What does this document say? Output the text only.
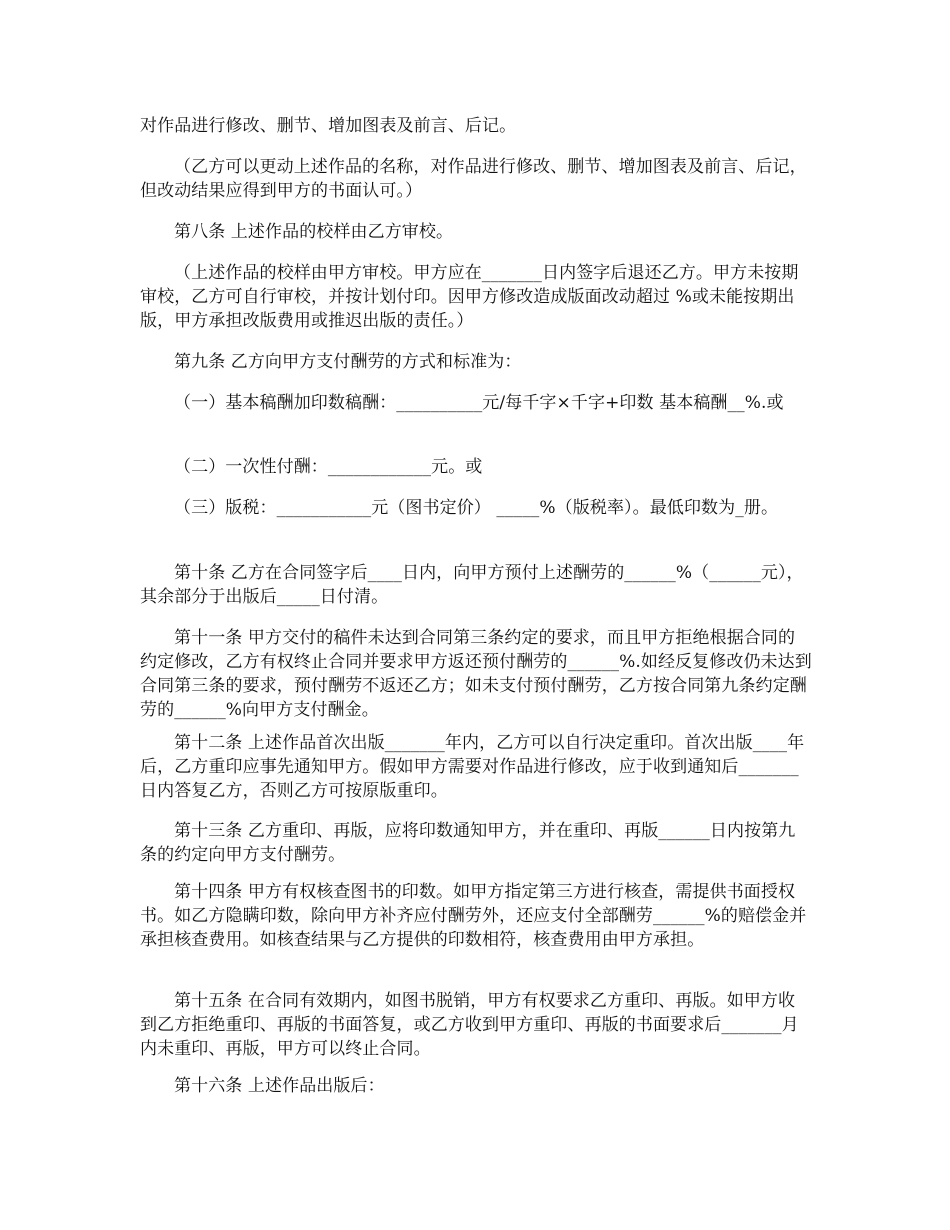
对作品进行修改、删节、增加图表及前言、后记。

（乙方可以更动上述作品的名称，对作品进行修改、删节、增加图表及前言、后记，但改动结果应得到甲方的书面认可。）

第八条 上述作品的校样由乙方审校。

（上述作品的校样由甲方审校。甲方应在_______日内签字后退还乙方。甲方未按期审校，乙方可自行审校，并按计划付印。因甲方修改造成版面改动超过 %或未能按期出版，甲方承担改版费用或推迟出版的责任。）

第九条 乙方向甲方支付酬劳的方式和标准为：

（一）基本稿酬加印数稿酬：__________元/每千字×千字+印数 基本稿酬__%.或

（二）一次性付酬：____________元。或

（三）版税：___________元（图书定价） _____%（版税率）。最低印数为_册。

第十条 乙方在合同签字后____日内，向甲方预付上述酬劳的______%（______元），其余部分于出版后_____日付清。

第十一条 甲方交付的稿件未达到合同第三条约定的要求，而且甲方拒绝根据合同的约定修改，乙方有权终止合同并要求甲方返还预付酬劳的______%.如经反复修改仍未达到合同第三条的要求，预付酬劳不返还乙方；如未支付预付酬劳，乙方按合同第九条约定酬劳的______%向甲方支付酬金。

第十二条 上述作品首次出版_______年内，乙方可以自行决定重印。首次出版____年后，乙方重印应事先通知甲方。假如甲方需要对作品进行修改，应于收到通知后_______日内答复乙方，否则乙方可按原版重印。

第十三条 乙方重印、再版，应将印数通知甲方，并在重印、再版______日内按第九条的约定向甲方支付酬劳。

第十四条 甲方有权核查图书的印数。如甲方指定第三方进行核查，需提供书面授权书。如乙方隐瞒印数，除向甲方补齐应付酬劳外，还应支付全部酬劳______%的赔偿金并承担核查费用。如核查结果与乙方提供的印数相符，核查费用由甲方承担。

第十五条 在合同有效期内，如图书脱销，甲方有权要求乙方重印、再版。如甲方收到乙方拒绝重印、再版的书面答复，或乙方收到甲方重印、再版的书面要求后_______月内未重印、再版，甲方可以终止合同。

第十六条 上述作品出版后：
